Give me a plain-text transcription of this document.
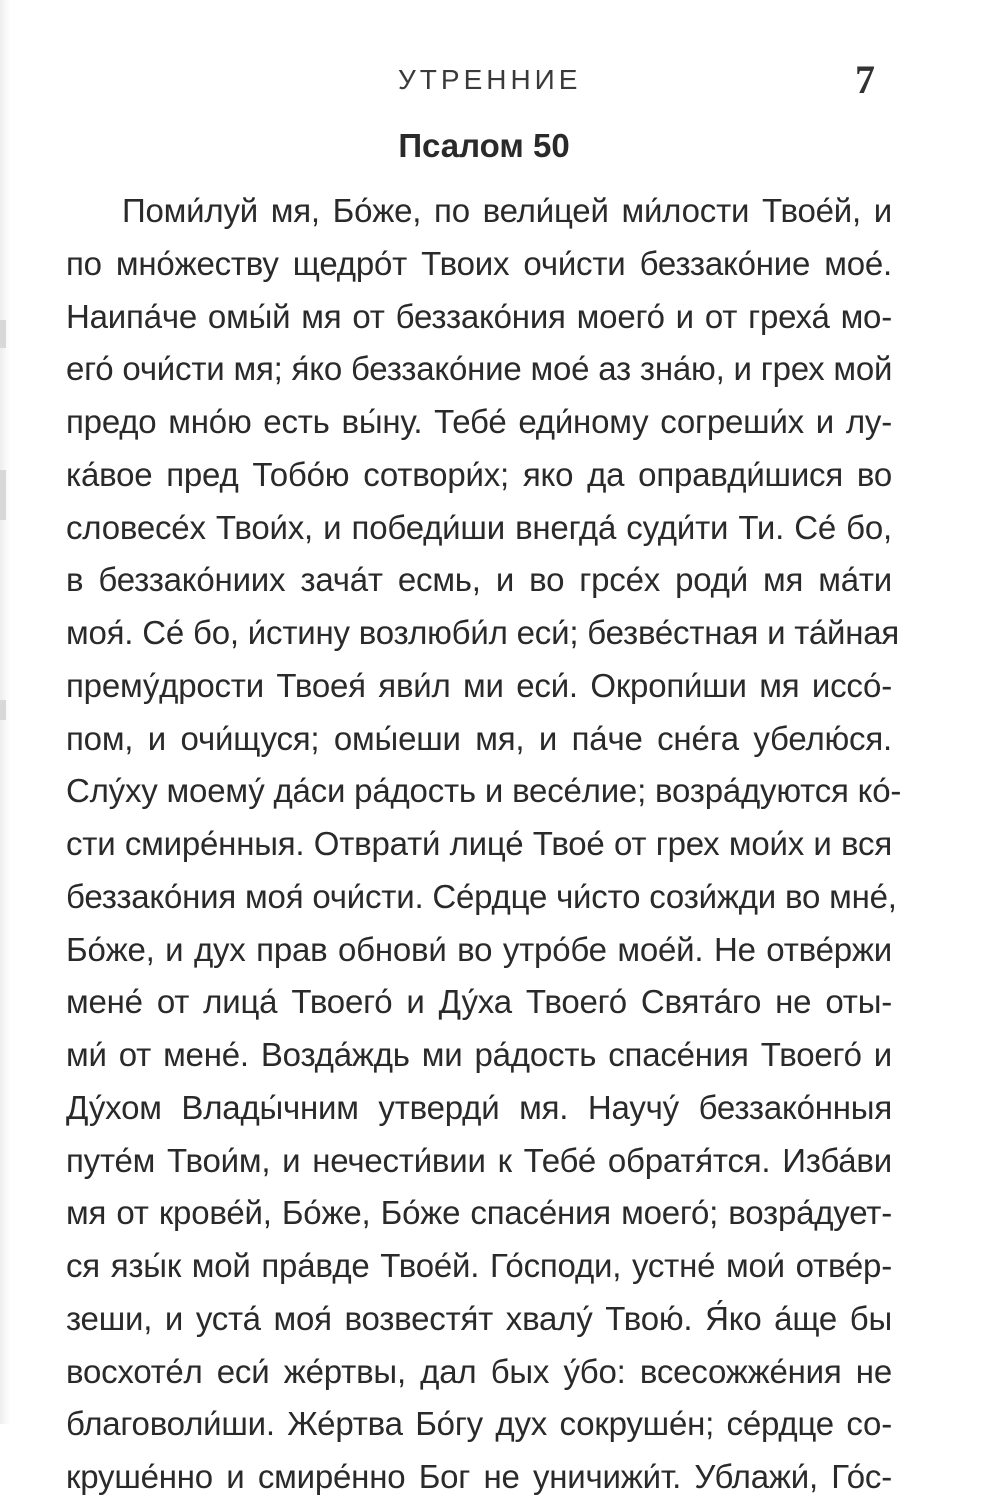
УТРЕННИЕ	7
Псалом 50
Поми́луй мя, Бо́же, по вели́цей ми́лости Твое́й, и
по мно́жеству щедро́т Твоих очи́сти беззако́ние мое́.
Наипа́че омы́й мя от беззако́ния моего́ и от греха́ мо-
его́ очи́сти мя; я́ко беззако́ние мое́ аз зна́ю, и грех мой
предо мно́ю есть вы́ну. Тебе́ еди́ному согреши́х и лу-
ка́вое пред Тобо́ю сотвори́х; яко да оправди́шися во
словесе́х Твои́х, и победи́ши внегда́ суди́ти Ти. Се́ бо,
в беззако́ниих зача́т есмь, и во грсе́х роди́ мя ма́ти
моя́. Се́ бо, и́стину возлюби́л еси́; безве́стная и та́йная
прему́дрости Твоея́ яви́л ми еси́. Окропи́ши мя иссо́-
пом, и очи́щуся; омы́еши мя, и па́че сне́га убелю́ся.
Слу́ху моему́ да́си ра́дость и весе́лие; возра́дуются ко́-
сти смире́нныя. Отврати́ лице́ Твое́ от грех мои́х и вся
беззако́ния моя́ очи́сти. Се́рдце чи́сто сози́жди во мне́,
Бо́же, и дух прав обнови́ во утро́бе мое́й. Не отве́ржи
мене́ от лица́ Твоего́ и Ду́ха Твоего́ Свята́го не оты-
ми́ от мене́. Возда́ждь ми ра́дость спасе́ния Твоего́ и
Ду́хом Влады́чним утверди́ мя. Научу́ беззако́нныя
путе́м Твои́м, и нечести́вии к Тебе́ обратя́тся. Изба́ви
мя от крове́й, Бо́же, Бо́же спасе́ния моего́; возра́дует-
ся язы́к мой пра́вде Твое́й. Го́споди, устне́ мои́ отве́р-
зеши, и уста́ моя́ возвестя́т хвалу́ Твою́. Я́ко а́ще бы
восхоте́л еси́ же́ртвы, дал бых у́бо: всесожже́ния не
благоволи́ши. Же́ртва Бо́гу дух сокруше́н; се́рдце со-
круше́нно и смире́нно Бог не уничижи́т. Ублажи́, Го́с-
